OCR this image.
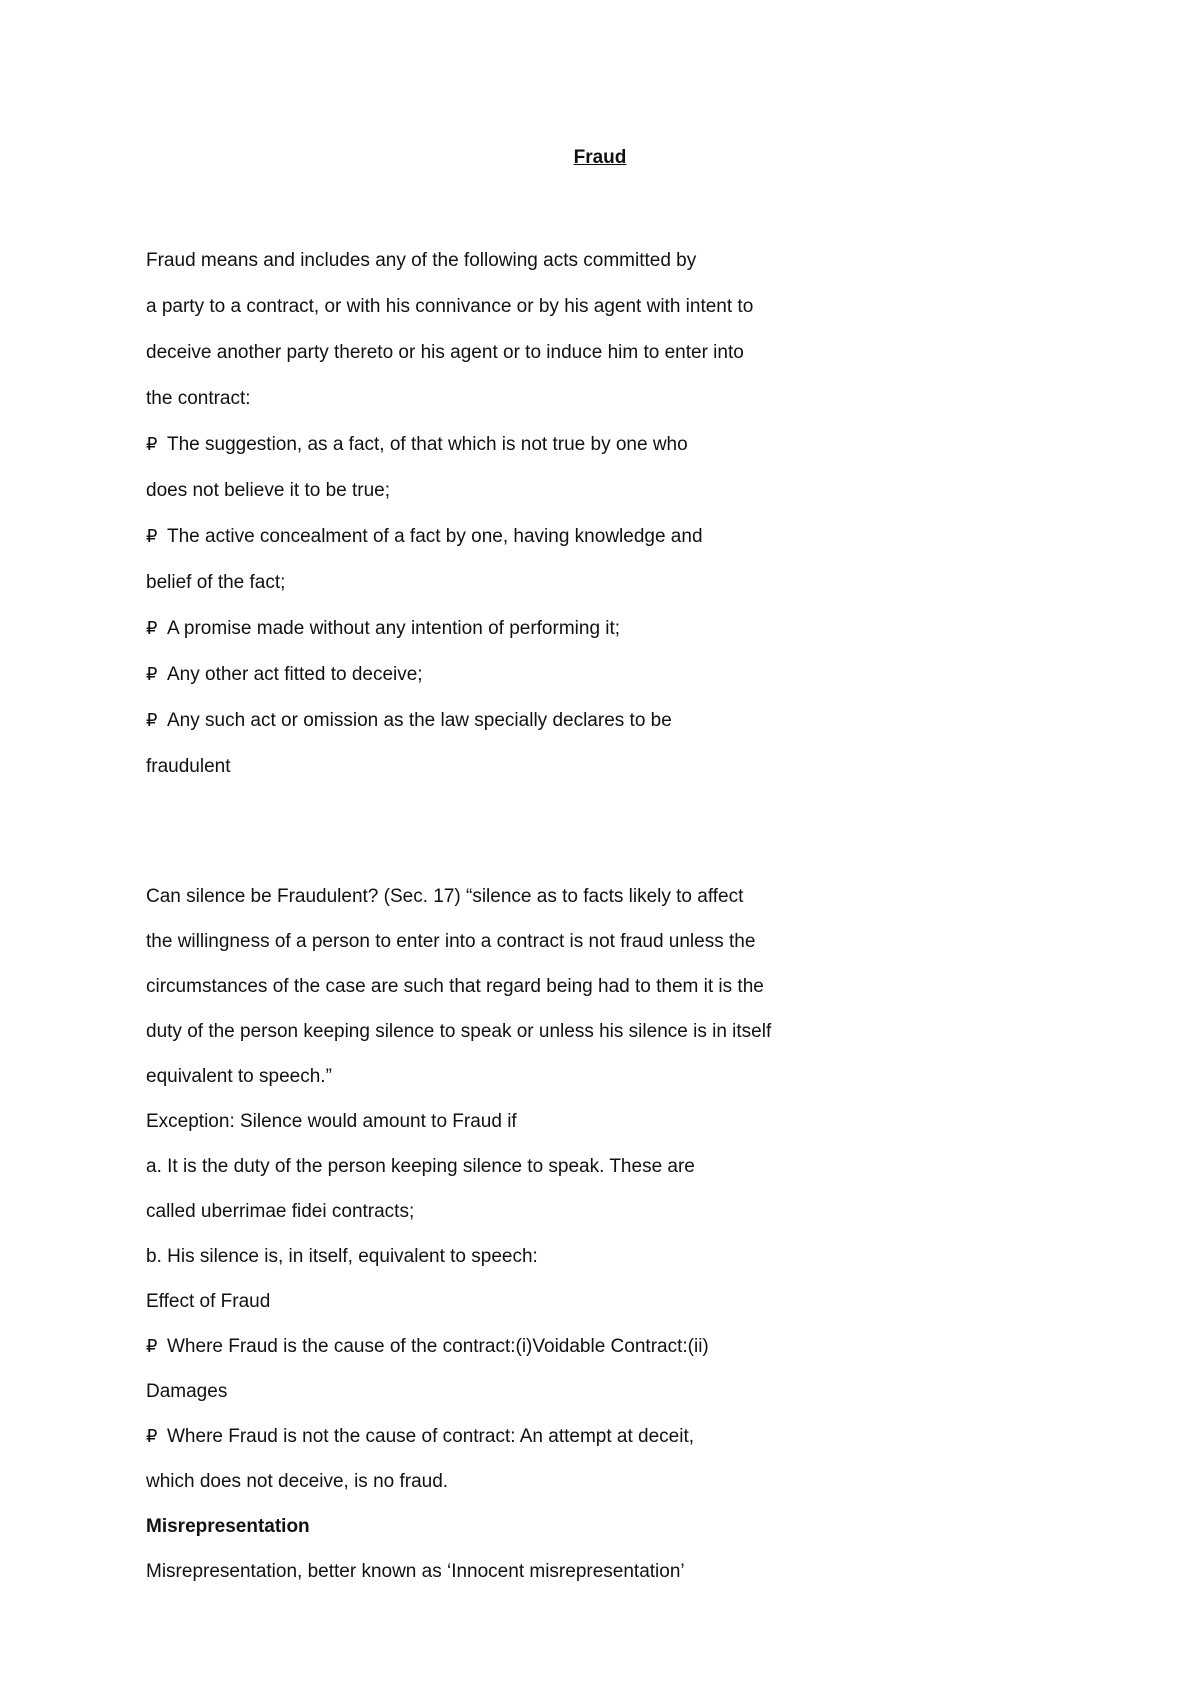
Fraud
Fraud means and includes any of the following acts committed by
a party to a contract, or with his connivance or by his agent with intent to
deceive another party thereto or his agent or to induce him to enter into
the contract:
₽ The suggestion, as a fact, of that which is not true by one who
does not believe it to be true;
₽ The active concealment of a fact by one, having knowledge and
belief of the fact;
₽ A promise made without any intention of performing it;
₽ Any other act fitted to deceive;
₽ Any such act or omission as the law specially declares to be
fraudulent
Can silence be Fraudulent? (Sec. 17) “silence as to facts likely to affect
the willingness of a person to enter into a contract is not fraud unless the
circumstances of the case are such that regard being had to them it is the
duty of the person keeping silence to speak or unless his silence is in itself
equivalent to speech.”
Exception: Silence would amount to Fraud if
a. It is the duty of the person keeping silence to speak. These are
called uberrimae fidei contracts;
b. His silence is, in itself, equivalent to speech:
Effect of Fraud
₽ Where Fraud is the cause of the contract:(i)Voidable Contract:(ii)
Damages
₽ Where Fraud is not the cause of contract: An attempt at deceit,
which does not deceive, is no fraud.
Misrepresentation
Misrepresentation, better known as ‘Innocent misrepresentation’
